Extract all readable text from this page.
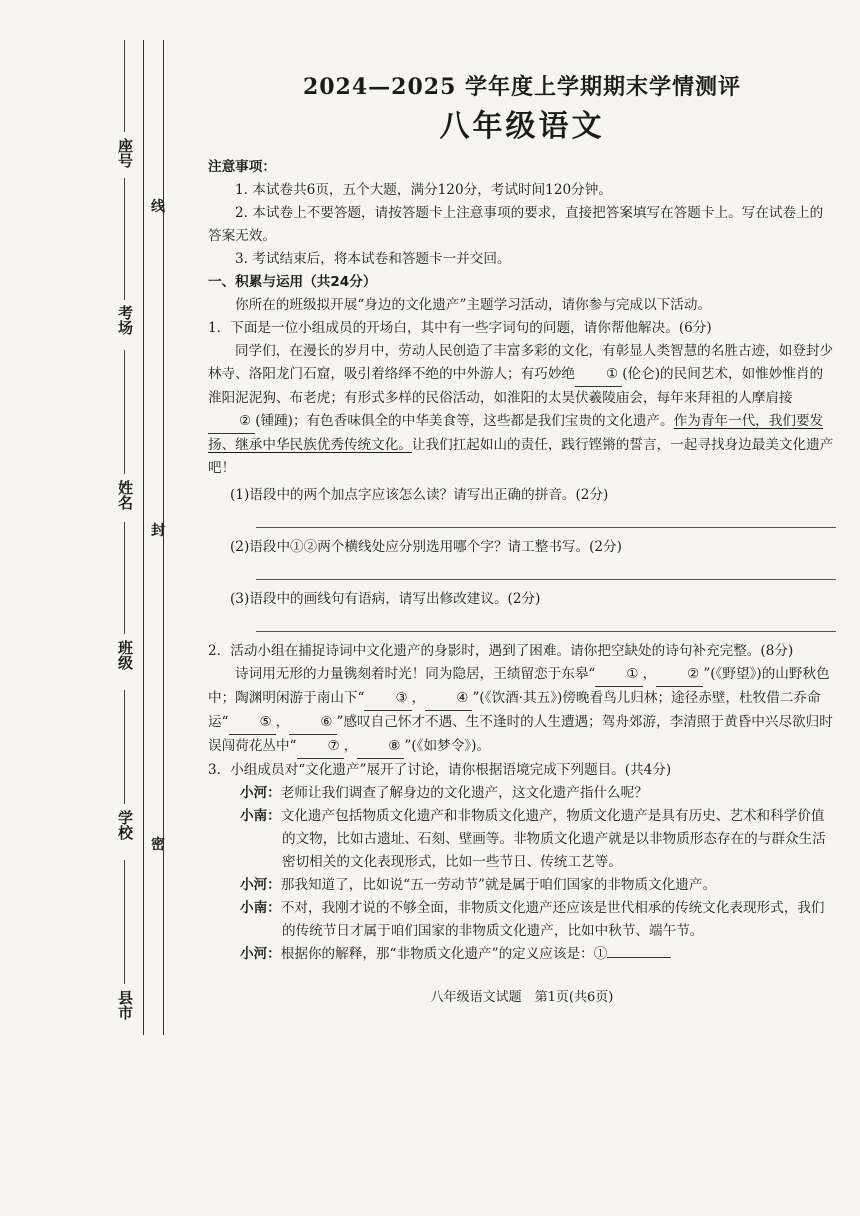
座号
考场
姓名
班级
学校
县市
线
封
密
2024—2025 学年度上学期期末学情测评
八年级语文

注意事项：

1. 本试卷共6页，五个大题，满分120分，考试时间120分钟。

2. 本试卷上不要答题，请按答题卡上注意事项的要求，直接把答案填写在答题卡上。写在试卷上的答案无效。

3. 考试结束后，将本试卷和答题卡一并交回。

一、积累与运用（共24分）

你所在的班级拟开展“身边的文化遗产”主题学习活动，请你参与完成以下活动。

1．下面是一位小组成员的开场白，其中有一些字词句的问题，请你帮他解决。(6分)

同学们，在漫长的岁月中，劳动人民创造了丰富多彩的文化，有彰显人类智慧的名胜古迹，如登封少林寺、洛阳龙门石窟，吸引着络绎不绝的中外游人；有巧妙绝 ① (伦仑)的民间艺术，如惟妙惟肖的淮阳泥泥狗、布老虎；有形式多样的民俗活动，如淮阳的太昊伏羲陵庙会，每年来拜祖的人摩肩接② (锺踵)；有色香味俱全的中华美食等，这些都是我们宝贵的文化遗产。作为青年一代，我们要发扬、继承中华民族优秀传统文化。让我们扛起如山的责任，践行铿锵的誓言，一起寻找身边最美文化遗产吧！

(1)语段中的两个加点字应该怎么读？请写出正确的拼音。(2分)

(2)语段中①②两个横线处应分别选用哪个字？请工整书写。(2分)

(3)语段中的画线句有语病，请写出修改建议。(2分)

2．活动小组在捕捉诗词中文化遗产的身影时，遇到了困难。请你把空缺处的诗句补充完整。(8分)

诗词用无形的力量镌刻着时光！同为隐居，王绩留恋于东皋“ ① ， ② ”(《野望》)的山野秋色中；陶渊明闲游于南山下“ ③ ， ④ ”(《饮酒·其五》)傍晚看鸟儿归林；途径赤壁，杜牧借二乔命运“ ⑤ ， ⑥ ”感叹自己怀才不遇、生不逢时的人生遭遇；驾舟郊游，李清照于黄昏中兴尽欲归时误闯荷花丛中“ ⑦ ， ⑧ ”(《如梦令》)。

3．小组成员对“文化遗产”展开了讨论，请你根据语境完成下列题目。(共4分)

小河：老师让我们调查了解身边的文化遗产，这文化遗产指什么呢？

小南：文化遗产包括物质文化遗产和非物质文化遗产，物质文化遗产是具有历史、艺术和科学价值的文物，比如古遗址、石刻、壁画等。非物质文化遗产就是以非物质形态存在的与群众生活密切相关的文化表现形式，比如一些节日、传统工艺等。

小河：那我知道了，比如说“五一劳动节”就是属于咱们国家的非物质文化遗产。

小南：不对，我刚才说的不够全面，非物质文化遗产还应该是世代相承的传统文化表现形式，我们的传统节日才属于咱们国家的非物质文化遗产，比如中秋节、端午节。

小河：根据你的解释，那“非物质文化遗产”的定义应该是：①

八年级语文试题　第1页(共6页)
